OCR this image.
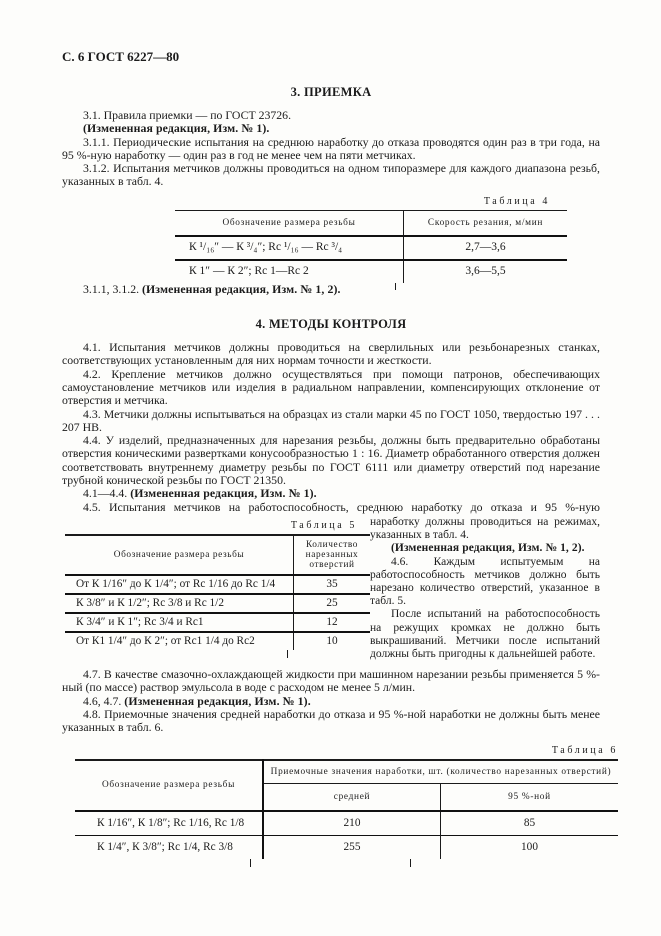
С. 6 ГОСТ 6227—80
3. ПРИЕМКА

3.1. Правила приемки — по ГОСТ 23726.

(Измененная редакция, Изм. № 1).

3.1.1. Периодические испытания на среднюю наработку до отказа проводятся один раз в три года, на 95 %-ную наработку — один раз в год не менее чем на пяти метчиках.

3.1.2. Испытания метчиков должны проводиться на одном типоразмере для каждого диапазона резьб, указанных в табл. 4.

Таблица 4
Обозначение размера резьбы	Скорость резания, м/мин
К ¹/₁₆″ — К ³/₄″; Rc ¹/₁₆ — Rc ³/₄	2,7—3,6
К 1″ — К 2″; Rc 1—Rc 2	3,6—5,5

3.1.1, 3.1.2. (Измененная редакция, Изм. № 1, 2).

4. МЕТОДЫ КОНТРОЛЯ

4.1. Испытания метчиков должны проводиться на сверлильных или резьбонарезных станках, соответствующих установленным для них нормам точности и жесткости.

4.2. Крепление метчиков должно осуществляться при помощи патронов, обеспечивающих самоустановление метчиков или изделия в радиальном направлении, компенсирующих отклонение от отверстия и метчика.

4.3. Метчики должны испытываться на образцах из стали марки 45 по ГОСТ 1050, твердостью 197 . . . 207 НВ.

4.4. У изделий, предназначенных для нарезания резьбы, должны быть предварительно обработаны отверстия коническими развертками конусообразностью 1 : 16. Диаметр обработанного отверстия должен соответствовать внутреннему диаметру резьбы по ГОСТ 6111 или диаметру отверстий под нарезание трубной конической резьбы по ГОСТ 21350.

4.1—4.4. (Измененная редакция, Изм. № 1).

4.5. Испытания метчиков на работоспособность, среднюю наработку до отказа и 95 %-ную

Таблица 5
Обозначение размера резьбы	Количество нарезанных отверстий
От К 1/16″ до К 1/4″; от Rc 1/16 до Rc 1/4	35
К 3/8″ и К 1/2″; Rc 3/8 и Rc 1/2	25
К 3/4″ и К 1″; Rc 3/4 и Rc1	12
От К1 1/4″ до К 2″; от Rc1 1/4 до Rc2	10

наработку должны проводиться на режимах, указанных в табл. 4.

(Измененная редакция, Изм. № 1, 2).

4.6. Каждым испытуемым на работоспособность метчиков должно быть нарезано количество отверстий, указанное в табл. 5.

После испытаний на работоспособность на режущих кромках не должно быть выкрашиваний. Метчики после испытаний должны быть пригодны к дальнейшей работе.

4.7. В качестве смазочно-охлаждающей жидкости при машинном нарезании резьбы применяется 5 %-ный (по массе) раствор эмульсола в воде с расходом не менее 5 л/мин.

4.6, 4.7. (Измененная редакция, Изм. № 1).

4.8. Приемочные значения средней наработки до отказа и 95 %-ной наработки не должны быть менее указанных в табл. 6.

Таблица 6
Обозначение размера резьбы	Приемочные значения наработки, шт. (количество нарезанных отверстий)	
	средней	95 %-ной
К 1/16″, К 1/8″; Rc 1/16, Rc 1/8	210	85
К 1/4″, К 3/8″; Rc 1/4, Rc 3/8	255	100
